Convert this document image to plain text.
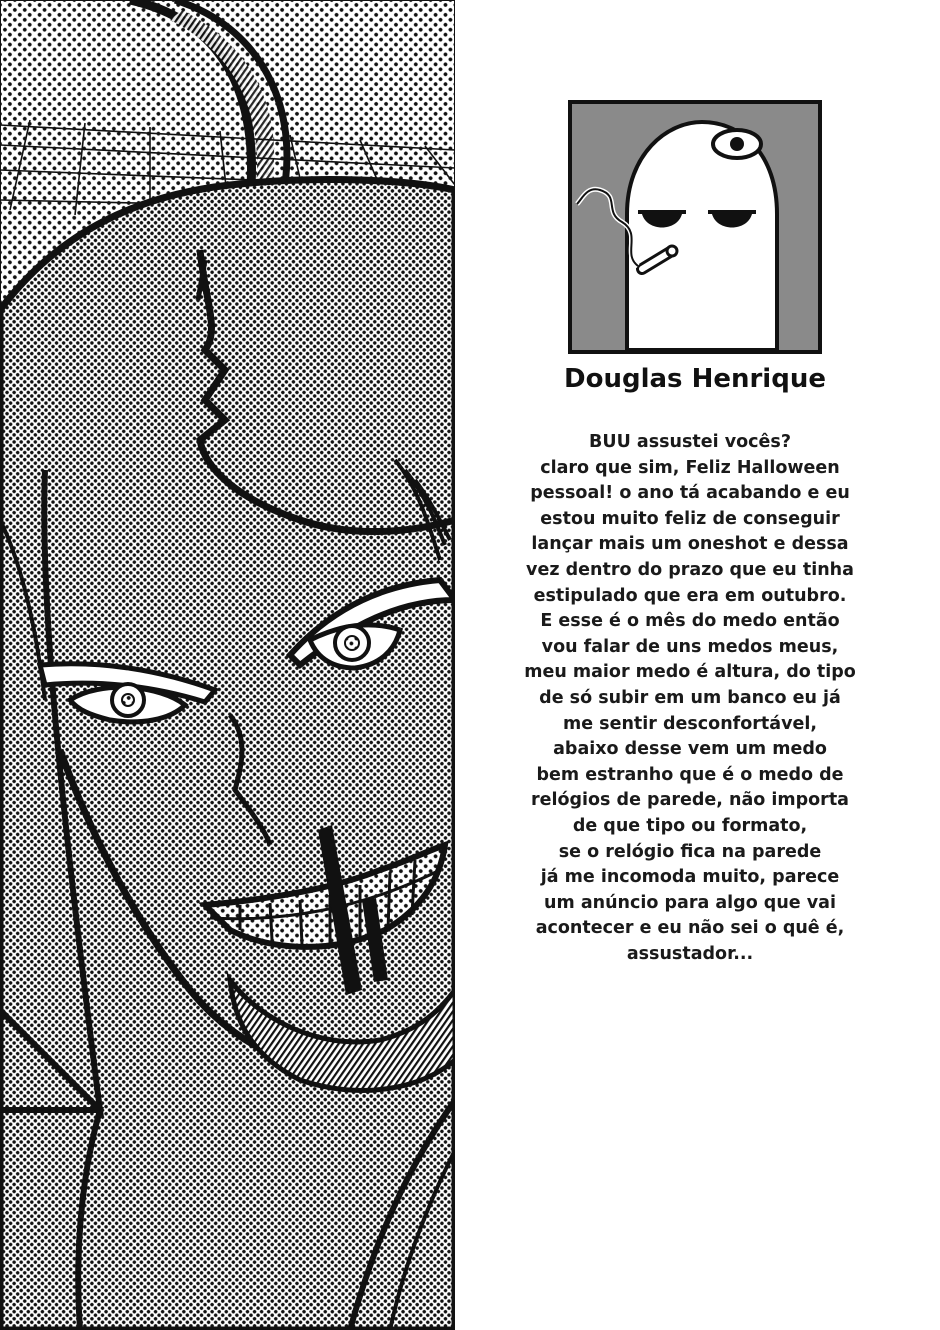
Douglas Henrique
BUU assustei vocês?
claro que sim, Feliz Halloween
pessoal! o ano tá acabando e eu
estou muito feliz de conseguir
lançar mais um oneshot e dessa
vez dentro do prazo que eu tinha
estipulado que era em outubro.
E esse é o mês do medo então
vou falar de uns medos meus,
meu maior medo é altura, do tipo
de só subir em um banco eu já
me sentir desconfortável,
abaixo desse vem um medo
bem estranho que é o medo de
relógios de parede, não importa
de que tipo ou formato,
se o relógio fica na parede
já me incomoda muito, parece
um anúncio para algo que vai
acontecer e eu não sei o quê é,
assustador...
